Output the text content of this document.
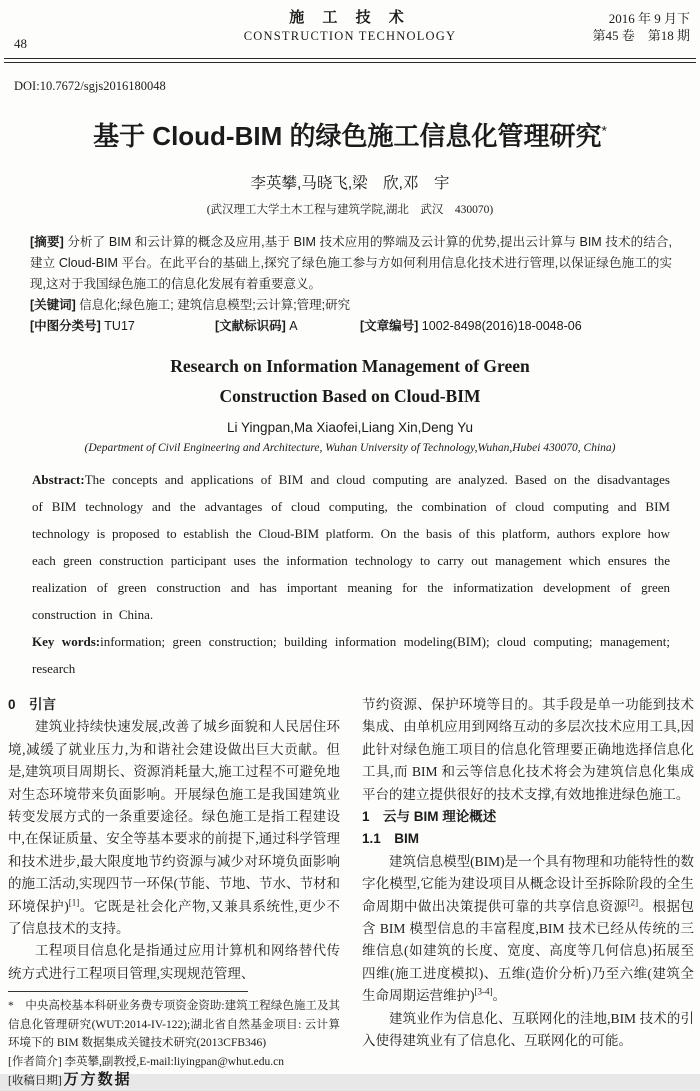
48
施 工 技 术
CONSTRUCTION TECHNOLOGY
2016 年 9 月下
第45 卷　第18 期
DOI:10.7672/sgjs2016180048
基于 Cloud-BIM 的绿色施工信息化管理研究*
李英攀,马晓飞,梁　欣,邓　宇
(武汉理工大学土木工程与建筑学院,湖北　武汉　430070)
[摘要] 分析了 BIM 和云计算的概念及应用,基于 BIM 技术应用的弊端及云计算的优势,提出云计算与 BIM 技术的结合,建立 Cloud-BIM 平台。在此平台的基础上,探究了绿色施工参与方如何利用信息化技术进行管理,以保证绿色施工的实现,这对于我国绿色施工的信息化发展有着重要意义。
[关键词] 信息化;绿色施工; 建筑信息模型;云计算;管理;研究
[中图分类号] TU17	[文献标识码] A	[文章编号] 1002-8498(2016)18-0048-06
Research on Information Management of Green
Construction Based on Cloud-BIM
Li Yingpan,Ma Xiaofei,Liang Xin,Deng Yu
(Department of Civil Engineering and Architecture, Wuhan University of Technology,Wuhan,Hubei 430070, China)
Abstract:The concepts and applications of BIM and cloud computing are analyzed. Based on the disadvantages of BIM technology and the advantages of cloud computing, the combination of cloud computing and BIM technology is proposed to establish the Cloud-BIM platform. On the basis of this platform, authors explore how each green construction participant uses the information technology to carry out management which ensures the realization of green construction and has important meaning for the informatization development of green construction in China.
Key words:information; green construction; building information modeling(BIM); cloud computing; management; research
0　引言
建筑业持续快速发展,改善了城乡面貌和人民居住环境,减缓了就业压力,为和谐社会建设做出巨大贡献。但是,建筑项目周期长、资源消耗量大,施工过程不可避免地对生态环境带来负面影响。开展绿色施工是我国建筑业转变发展方式的一条重要途径。绿色施工是指工程建设中,在保证质量、安全等基本要求的前提下,通过科学管理和技术进步,最大限度地节约资源与减少对环境负面影响的施工活动,实现四节一环保(节能、节地、节水、节材和环境保护)[1]。它既是社会化产物,又兼具系统性,更少不了信息技术的支持。
工程项目信息化是指通过应用计算机和网络替代传统方式进行工程项目管理,实现规范管理、
*　中央高校基本科研业务费专项资金资助:建筑工程绿色施工及其信息化管理研究(WUT:2014-IV-122);湖北省自然基金项目: 云计算环境下的 BIM 数据集成关键技术研究(2013CFB346)
[作者简介] 李英攀,副教授,E-mail:liyingpan@whut.edu.cn
[收稿日期] 万方数据
节约资源、保护环境等目的。其手段是单一功能到技术集成、由单机应用到网络互动的多层次技术应用工具,因此针对绿色施工项目的信息化管理要正确地选择信息化工具,而 BIM 和云等信息化技术将会为建筑信息化集成平台的建立提供很好的技术支撑,有效地推进绿色施工。
1　云与 BIM 理论概述
1.1　BIM
建筑信息模型(BIM)是一个具有物理和功能特性的数字化模型,它能为建设项目从概念设计至拆除阶段的全生命周期中做出决策提供可靠的共享信息资源[2]。根据包含 BIM 模型信息的丰富程度,BIM 技术已经从传统的三维信息(如建筑的长度、宽度、高度等几何信息)拓展至四维(施工进度模拟)、五维(造价分析)乃至六维(建筑全生命周期运营维护)[3-4]。
建筑业作为信息化、互联网化的洼地,BIM 技术的引入使得建筑业有了信息化、互联网化的可能。
